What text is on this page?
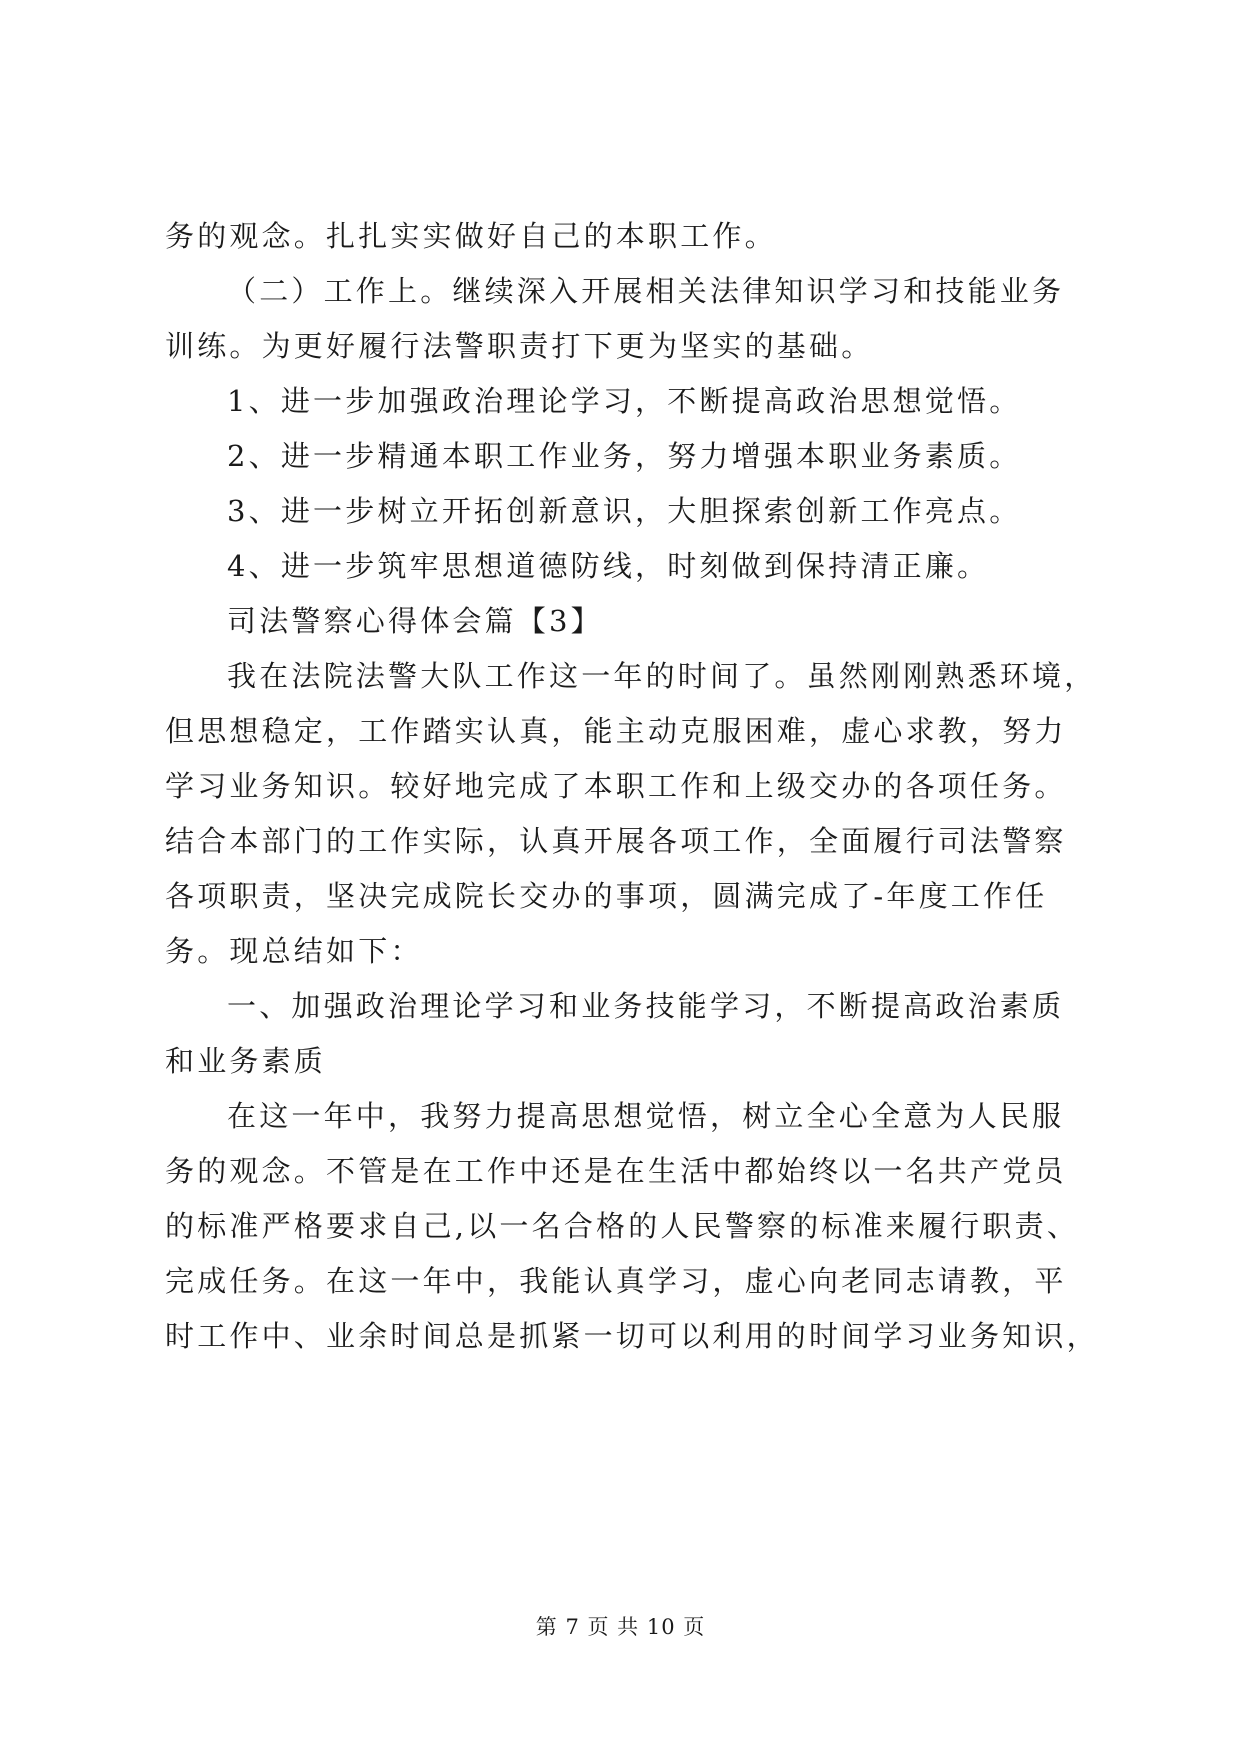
务的观念。扎扎实实做好自己的本职工作。
（二）工作上。继续深入开展相关法律知识学习和技能业务
训练。为更好履行法警职责打下更为坚实的基础。
1、进一步加强政治理论学习，不断提高政治思想觉悟。
2、进一步精通本职工作业务，努力增强本职业务素质。
3、进一步树立开拓创新意识，大胆探索创新工作亮点。
4、进一步筑牢思想道德防线，时刻做到保持清正廉。
司法警察心得体会篇【3】
我在法院法警大队工作这一年的时间了。虽然刚刚熟悉环境，
但思想稳定，工作踏实认真，能主动克服困难，虚心求教，努力
学习业务知识。较好地完成了本职工作和上级交办的各项任务。
结合本部门的工作实际，认真开展各项工作，全面履行司法警察
各项职责，坚决完成院长交办的事项，圆满完成了-年度工作任
务。现总结如下：
一、加强政治理论学习和业务技能学习，不断提高政治素质
和业务素质
在这一年中，我努力提高思想觉悟，树立全心全意为人民服
务的观念。不管是在工作中还是在生活中都始终以一名共产党员
的标准严格要求自己,以一名合格的人民警察的标准来履行职责、
完成任务。在这一年中，我能认真学习，虚心向老同志请教，平
时工作中、业余时间总是抓紧一切可以利用的时间学习业务知识，
第 7 页 共 10 页
